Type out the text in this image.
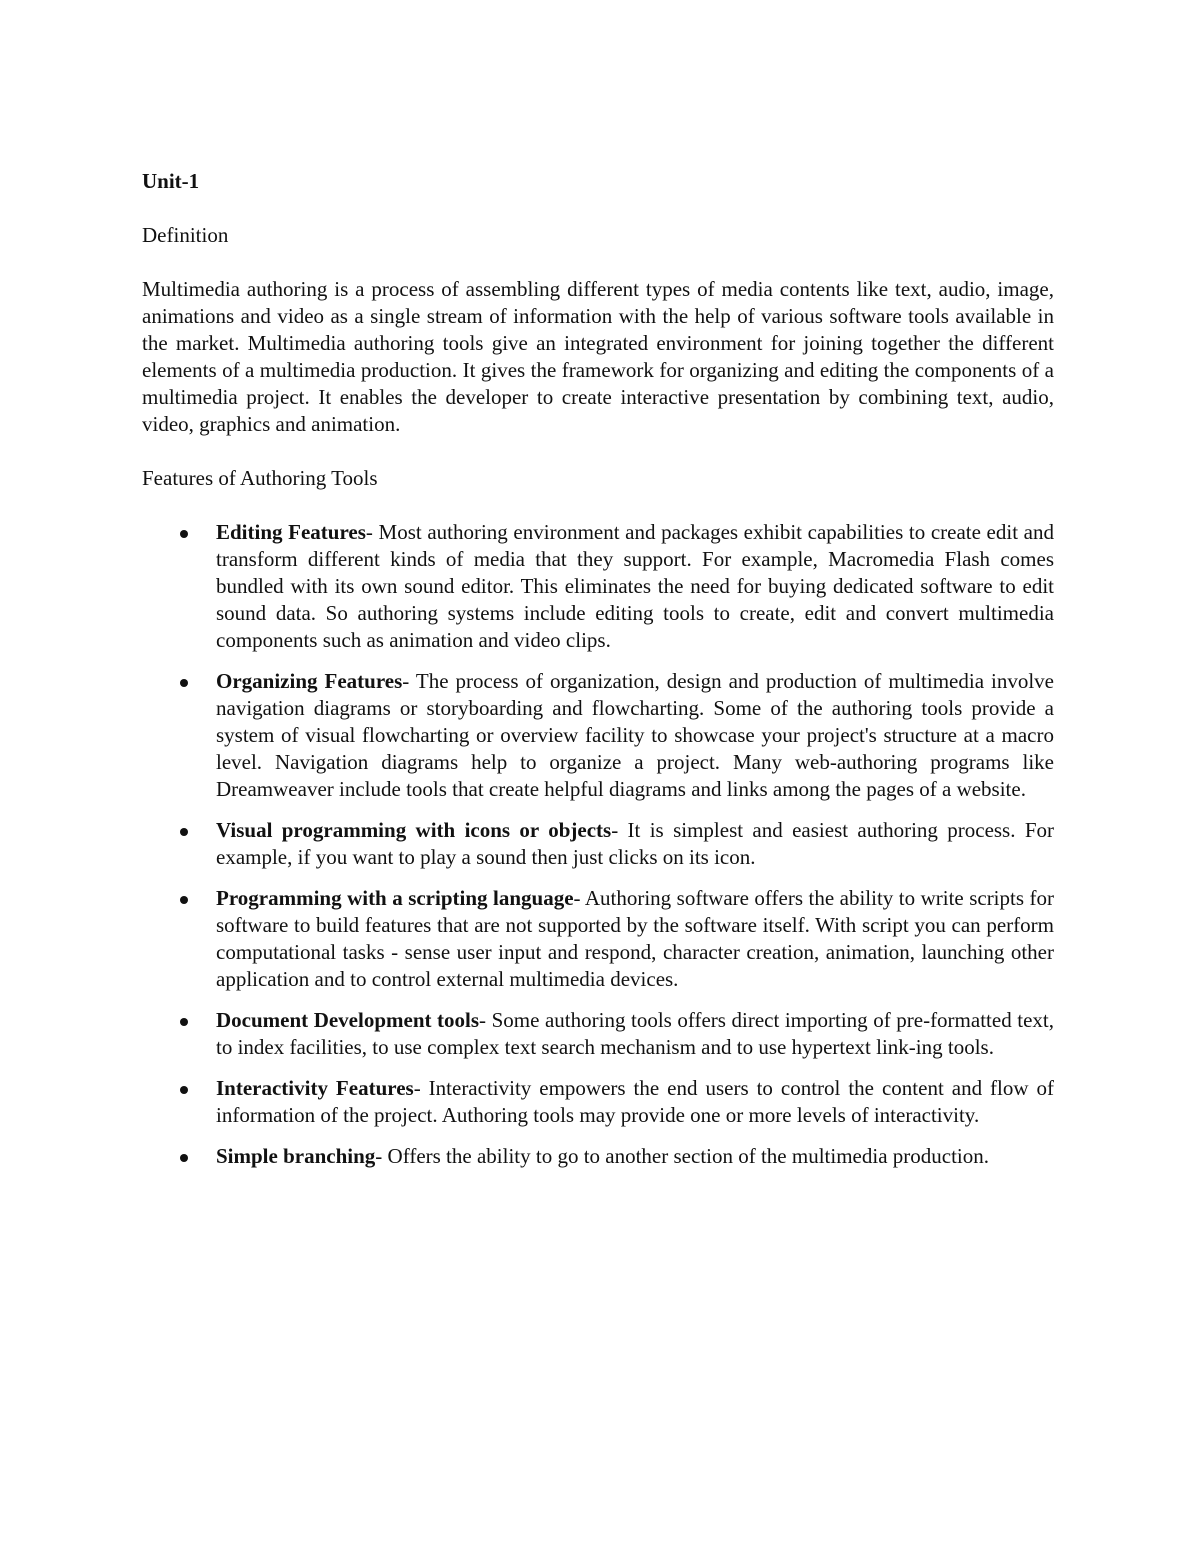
Unit-1
Definition

Multimedia authoring is a process of assembling different types of media contents like text, audio, image, animations and video as a single stream of information with the help of various software tools available in the market. Multimedia authoring tools give an integrated environment for joining together the different elements of a multimedia production. It gives the framework for organizing and editing the components of a multimedia project. It enables the developer to create interactive presentation by combining text, audio, video, graphics and animation.

Features of Authoring Tools
Editing Features- Most authoring environment and packages exhibit capabilities to create edit and transform different kinds of media that they support. For example, Macromedia Flash comes bundled with its own sound editor. This eliminates the need for buying dedicated software to edit sound data. So authoring systems include editing tools to create, edit and convert multimedia components such as animation and video clips.
Organizing Features- The process of organization, design and production of multimedia involve navigation diagrams or storyboarding and flowcharting. Some of the authoring tools provide a system of visual flowcharting or overview facility to showcase your project's structure at a macro level. Navigation diagrams help to organize a project. Many web-authoring programs like Dreamweaver include tools that create helpful diagrams and links among the pages of a website.
Visual programming with icons or objects- It is simplest and easiest authoring process. For example, if you want to play a sound then just clicks on its icon.
Programming with a scripting language- Authoring software offers the ability to write scripts for software to build features that are not supported by the software itself. With script you can perform computational tasks - sense user input and respond, character creation, animation, launching other application and to control external multimedia devices.
Document Development tools- Some authoring tools offers direct importing of pre-formatted text, to index facilities, to use complex text search mechanism and to use hypertext link-ing tools.
Interactivity Features- Interactivity empowers the end users to control the content and flow of information of the project. Authoring tools may provide one or more levels of interactivity.
Simple branching- Offers the ability to go to another section of the multimedia production.
